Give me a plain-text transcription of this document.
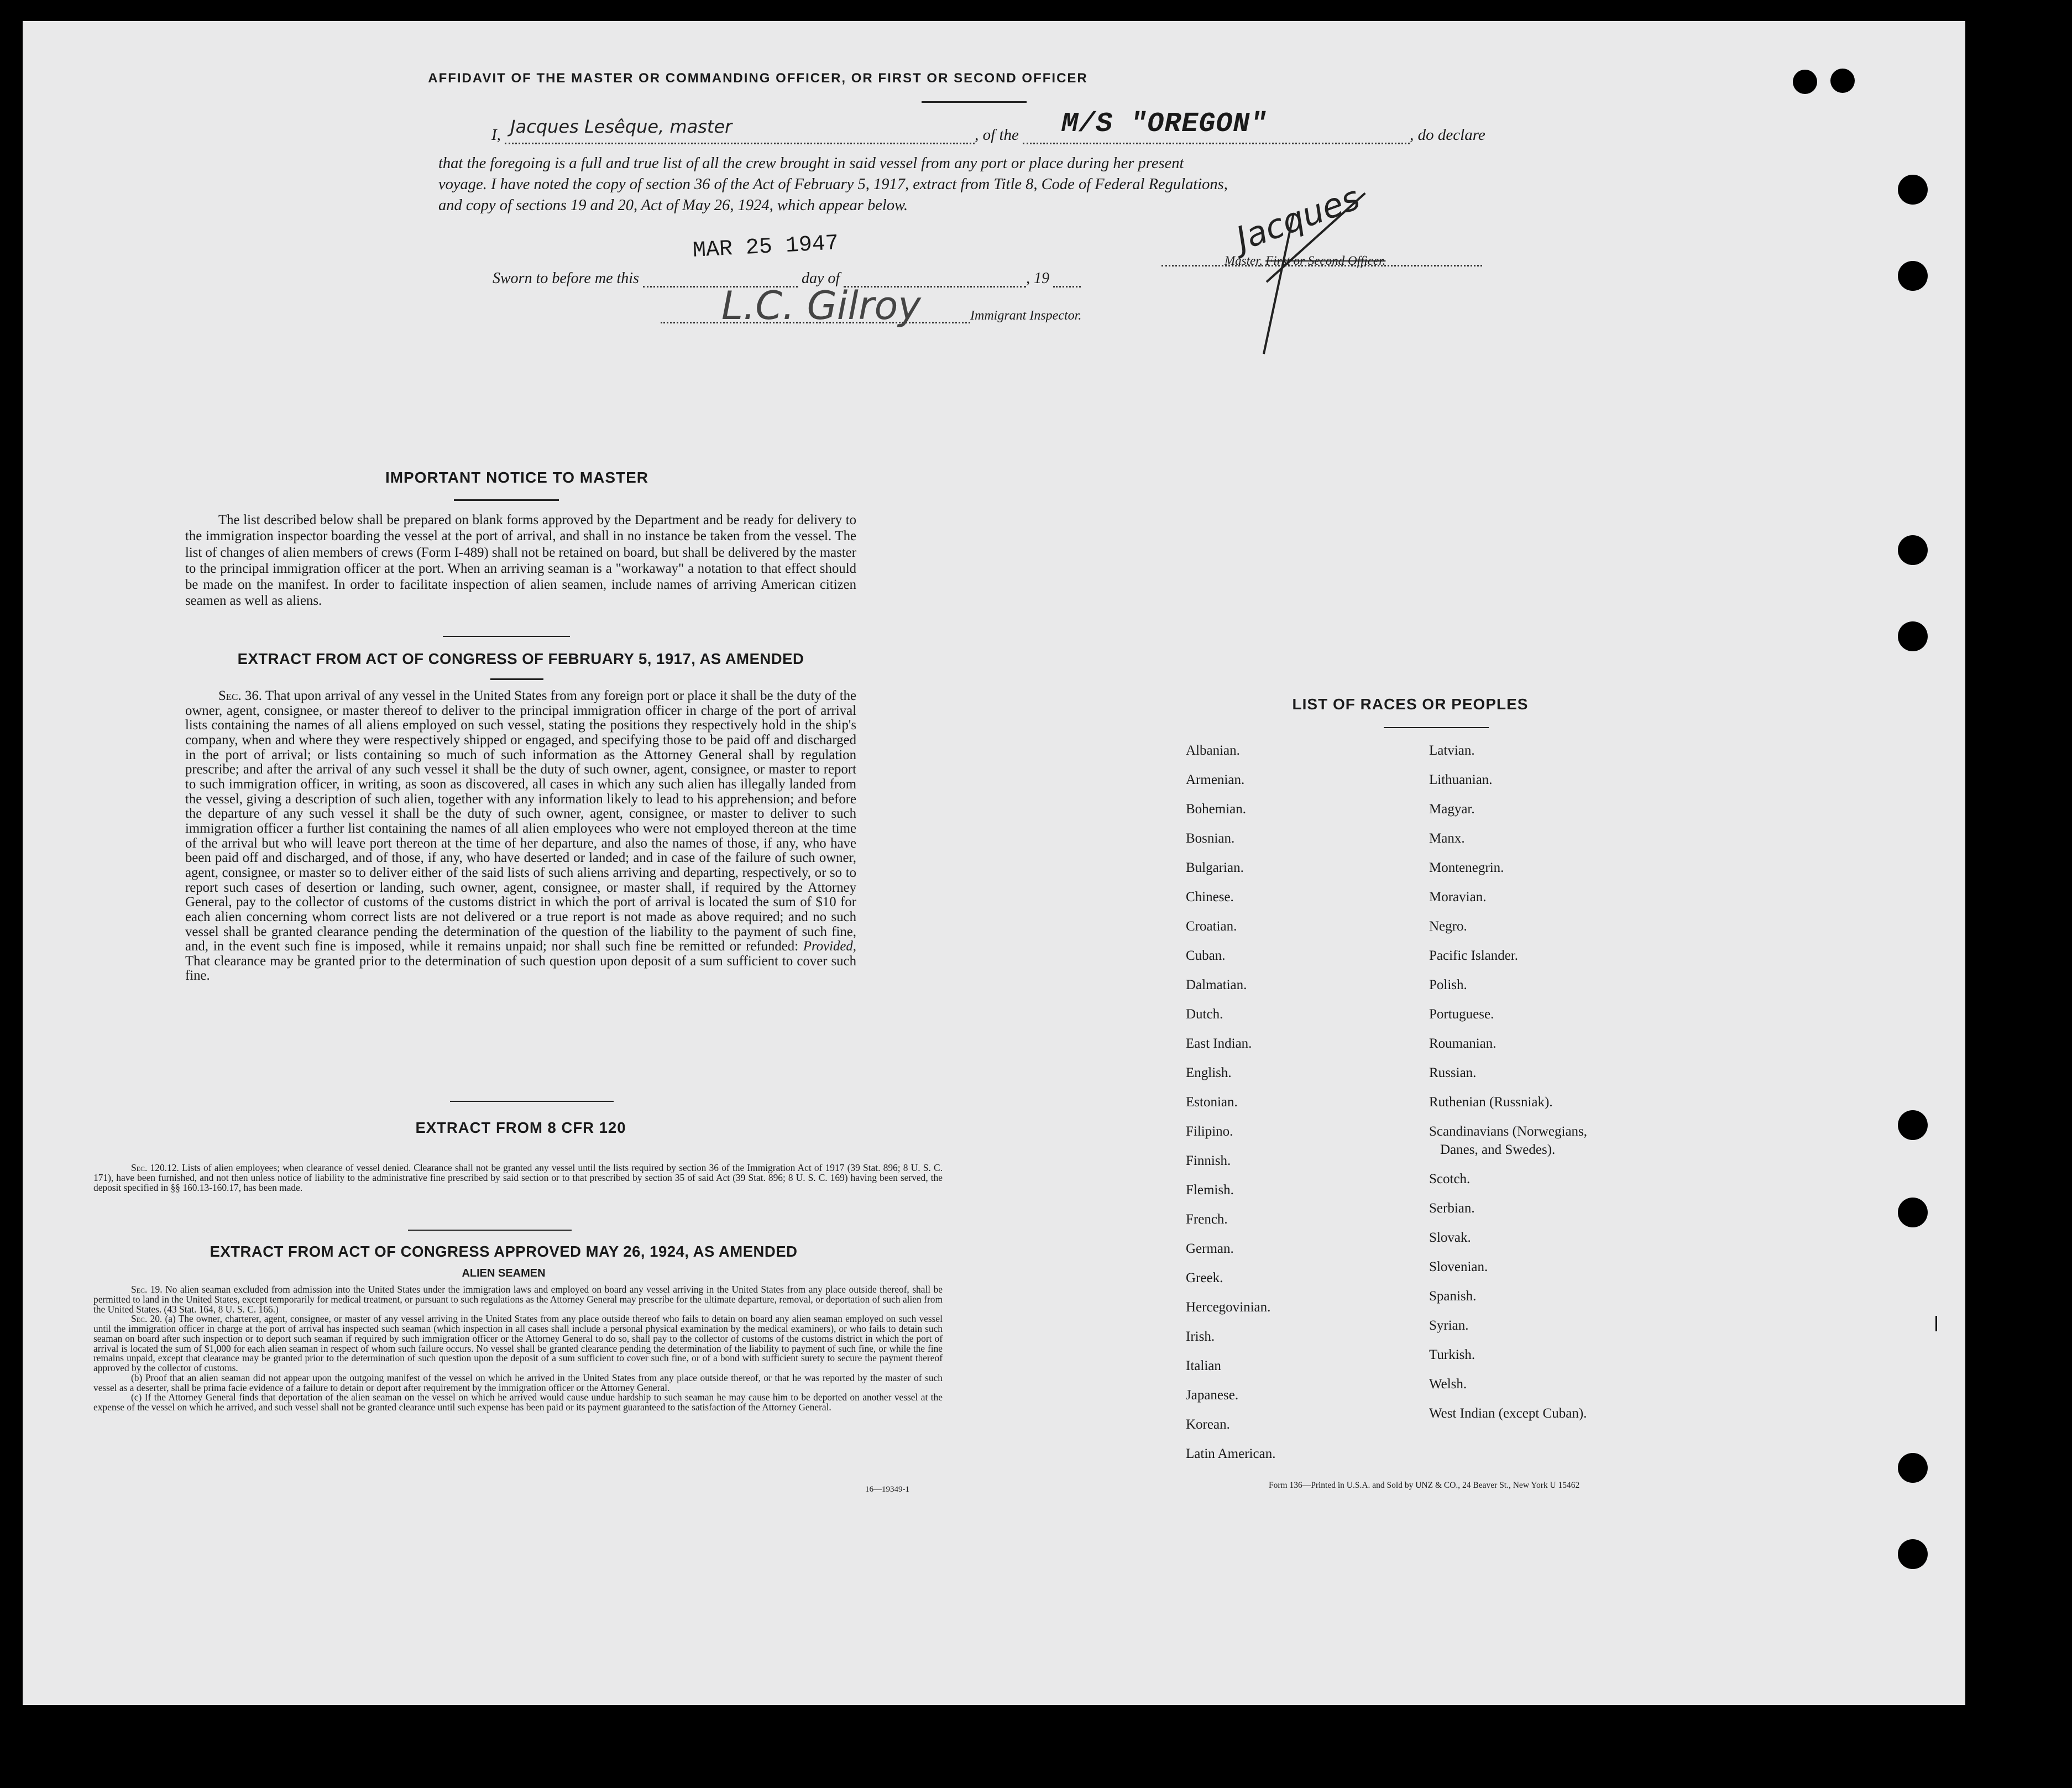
AFFIDAVIT OF THE MASTER OR COMMANDING OFFICER, OR FIRST OR SECOND OFFICER
I, Jacques Lesêque, master	, of the M/S "OREGON"	, do declare
that the foregoing is a full and true list of all the crew brought in said vessel from any port or place during her present
voyage. I have noted the copy of section 36 of the Act of February 5, 1917, extract from Title 8, Code of Federal Regulations,
and copy of sections 19 and 20, Act of May 26, 1924, which appear below.
Sworn to before me this
MAR 25 1947
day of	, 19
L.C. Gilroy	Immigrant Inspector.
Jacques
Master, First or Second Officer.
IMPORTANT NOTICE TO MASTER
The list described below shall be prepared on blank forms approved by the Department and be ready for delivery to the immigration inspector boarding the vessel at the port of arrival, and shall in no instance be taken from the vessel. The list of changes of alien members of crews (Form I-489) shall not be retained on board, but shall be delivered by the master to the principal immigration officer at the port. When an arriving seaman is a "workaway" a notation to that effect should be made on the manifest. In order to facilitate inspection of alien seamen, include names of arriving American citizen seamen as well as aliens.
EXTRACT FROM ACT OF CONGRESS OF FEBRUARY 5, 1917, AS AMENDED
Sec. 36. That upon arrival of any vessel in the United States from any foreign port or place it shall be the duty of the owner, agent, consignee, or master thereof to deliver to the principal immigration officer in charge of the port of arrival lists containing the names of all aliens employed on such vessel, stating the positions they respectively hold in the ship's company, when and where they were respectively shipped or engaged, and specifying those to be paid off and discharged in the port of arrival; or lists containing so much of such information as the Attorney General shall by regulation prescribe; and after the arrival of any such vessel it shall be the duty of such owner, agent, consignee, or master to report to such immigration officer, in writing, as soon as discovered, all cases in which any such alien has illegally landed from the vessel, giving a description of such alien, together with any information likely to lead to his apprehension; and before the departure of any such vessel it shall be the duty of such owner, agent, consignee, or master to deliver to such immigration officer a further list containing the names of all alien employees who were not employed thereon at the time of the arrival but who will leave port thereon at the time of her departure, and also the names of those, if any, who have been paid off and discharged, and of those, if any, who have deserted or landed; and in case of the failure of such owner, agent, consignee, or master so to deliver either of the said lists of such aliens arriving and departing, respectively, or so to report such cases of desertion or landing, such owner, agent, consignee, or master shall, if required by the Attorney General, pay to the collector of customs of the customs district in which the port of arrival is located the sum of $10 for each alien concerning whom correct lists are not delivered or a true report is not made as above required; and no such vessel shall be granted clearance pending the determination of the question of the liability to the payment of such fine, and, in the event such fine is imposed, while it remains unpaid; nor shall such fine be remitted or refunded: Provided, That clearance may be granted prior to the determination of such question upon deposit of a sum sufficient to cover such fine.
EXTRACT FROM 8 CFR 120
Sec. 120.12. Lists of alien employees; when clearance of vessel denied. Clearance shall not be granted any vessel until the lists required by section 36 of the Immigration Act of 1917 (39 Stat. 896; 8 U. S. C. 171), have been furnished, and not then unless notice of liability to the administrative fine prescribed by said section or to that prescribed by section 35 of said Act (39 Stat. 896; 8 U. S. C. 169) having been served, the deposit specified in §§ 160.13-160.17, has been made.
EXTRACT FROM ACT OF CONGRESS APPROVED MAY 26, 1924, AS AMENDED
ALIEN SEAMEN
Sec. 19. No alien seaman excluded from admission into the United States under the immigration laws and employed on board any vessel arriving in the United States from any place outside thereof, shall be permitted to land in the United States, except temporarily for medical treatment, or pursuant to such regulations as the Attorney General may prescribe for the ultimate departure, removal, or deportation of such alien from the United States. (43 Stat. 164, 8 U. S. C. 166.)
Sec. 20. (a) The owner, charterer, agent, consignee, or master of any vessel arriving in the United States from any place outside thereof who fails to detain on board any alien seaman employed on such vessel until the immigration officer in charge at the port of arrival has inspected such seaman (which inspection in all cases shall include a personal physical examination by the medical examiners), or who fails to detain such seaman on board after such inspection or to deport such seaman if required by such immigration officer or the Attorney General to do so, shall pay to the collector of customs of the customs district in which the port of arrival is located the sum of $1,000 for each alien seaman in respect of whom such failure occurs. No vessel shall be granted clearance pending the determination of the liability to payment of such fine, or while the fine remains unpaid, except that clearance may be granted prior to the determination of such question upon the deposit of a sum sufficient to cover such fine, or of a bond with sufficient surety to secure the payment thereof approved by the collector of customs.
(b) Proof that an alien seaman did not appear upon the outgoing manifest of the vessel on which he arrived in the United States from any place outside thereof, or that he was reported by the master of such vessel as a deserter, shall be prima facie evidence of a failure to detain or deport after requirement by the immigration officer or the Attorney General.
(c) If the Attorney General finds that deportation of the alien seaman on the vessel on which he arrived would cause undue hardship to such seaman he may cause him to be deported on another vessel at the expense of the vessel on which he arrived, and such vessel shall not be granted clearance until such expense has been paid or its payment guaranteed to the satisfaction of the Attorney General.
16—19349-1
LIST OF RACES OR PEOPLES
Form 136—Printed in U.S.A. and Sold by UNZ & CO., 24 Beaver St., New York U 15462
Albanian.
Armenian.
Bohemian.
Bosnian.
Bulgarian.
Chinese.
Croatian.
Cuban.
Dalmatian.
Dutch.
East Indian.
English.
Estonian.
Filipino.
Finnish.
Flemish.
French.
German.
Greek.
Hercegovinian.
Irish.
Italian
Japanese.
Korean.
Latin American.
Latvian.
Lithuanian.
Magyar.
Manx.
Montenegrin.
Moravian.
Negro.
Pacific Islander.
Polish.
Portuguese.
Roumanian.
Russian.
Ruthenian (Russniak).
Scandinavians (Norwegians,
Danes, and Swedes).
Scotch.
Serbian.
Slovak.
Slovenian.
Spanish.
Syrian.
Turkish.
Welsh.
West Indian (except Cuban).
